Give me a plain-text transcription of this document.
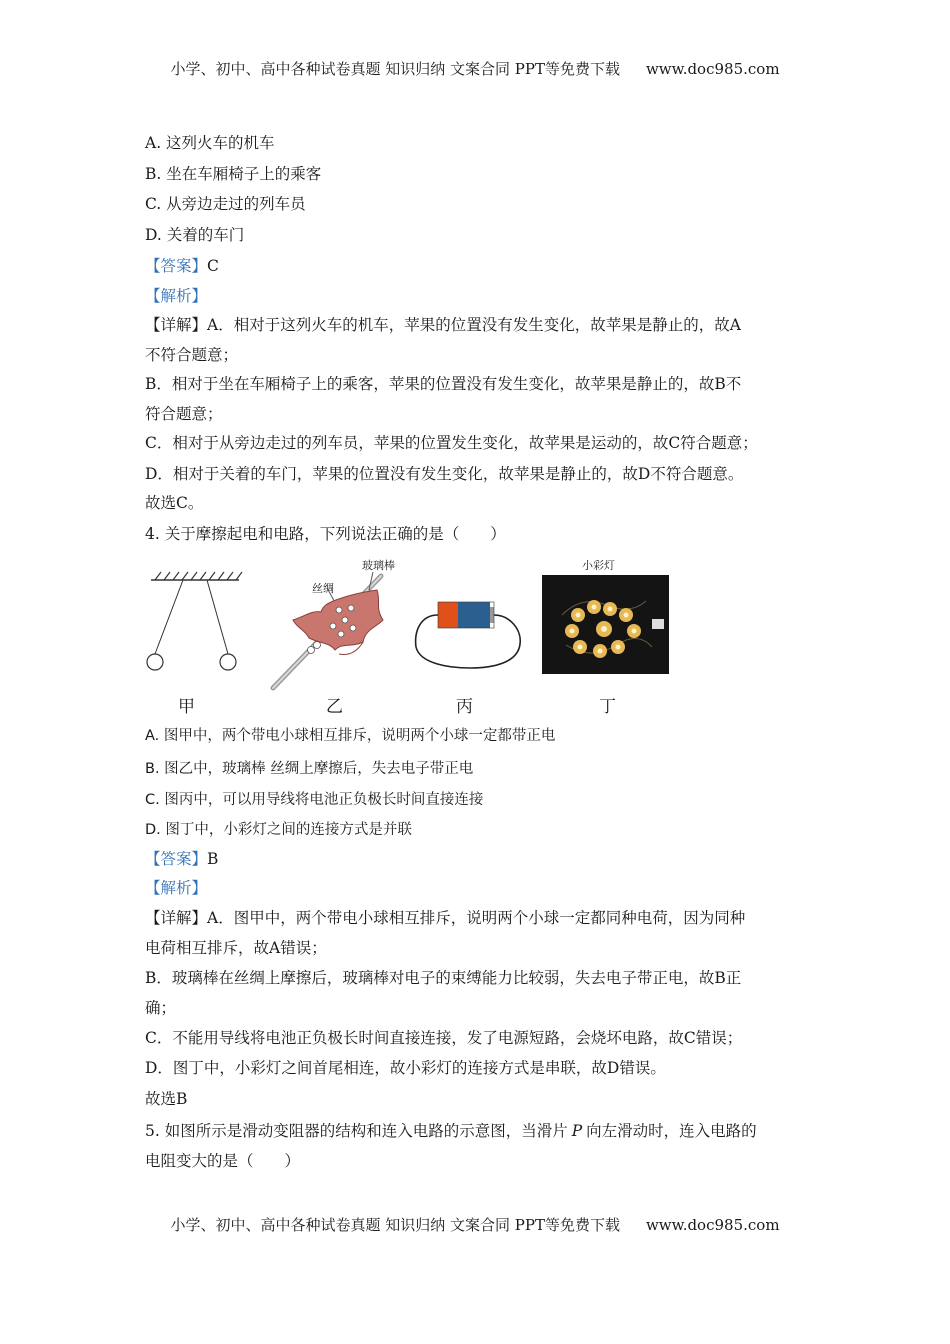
小学、初中、高中各种试卷真题 知识归纳 文案合同 PPT等免费下载 www.doc985.com
A. 这列火车的机车
B. 坐在车厢椅子上的乘客
C. 从旁边走过的列车员
D. 关着的车门
【答案】C
【解析】
【详解】A．相对于这列火车的机车，苹果的位置没有发生变化，故苹果是静止的，故A
不符合题意；
B．相对于坐在车厢椅子上的乘客，苹果的位置没有发生变化，故苹果是静止的，故B不
符合题意；
C．相对于从旁边走过的列车员，苹果的位置发生变化，故苹果是运动的，故C符合题意；
D．相对于关着的车门，苹果的位置没有发生变化，故苹果是静止的，故D不符合题意。
故选C。
4. 关于摩擦起电和电路，下列说法正确的是（　　）
玻璃棒
丝绸
小彩灯
甲	乙	丙	丁
A. 图甲中，两个带电小球相互排斥，说明两个小球一定都带正电
B. 图乙中，玻璃棒 丝绸上摩擦后，失去电子带正电
C. 图丙中，可以用导线将电池正负极长时间直接连接
D. 图丁中，小彩灯之间的连接方式是并联
【答案】B
【解析】
【详解】A．图甲中，两个带电小球相互排斥，说明两个小球一定都同种电荷，因为同种
电荷相互排斥，故A错误；
B．玻璃棒在丝绸上摩擦后，玻璃棒对电子的束缚能力比较弱，失去电子带正电，故B正
确；
C．不能用导线将电池正负极长时间直接连接，发了电源短路，会烧坏电路，故C错误；
D．图丁中，小彩灯之间首尾相连，故小彩灯的连接方式是串联，故D错误。
故选B
5. 如图所示是滑动变阻器的结构和连入电路的示意图，当滑片 P 向左滑动时，连入电路的
电阻变大的是（　　）
小学、初中、高中各种试卷真题 知识归纳 文案合同 PPT等免费下载 www.doc985.com
